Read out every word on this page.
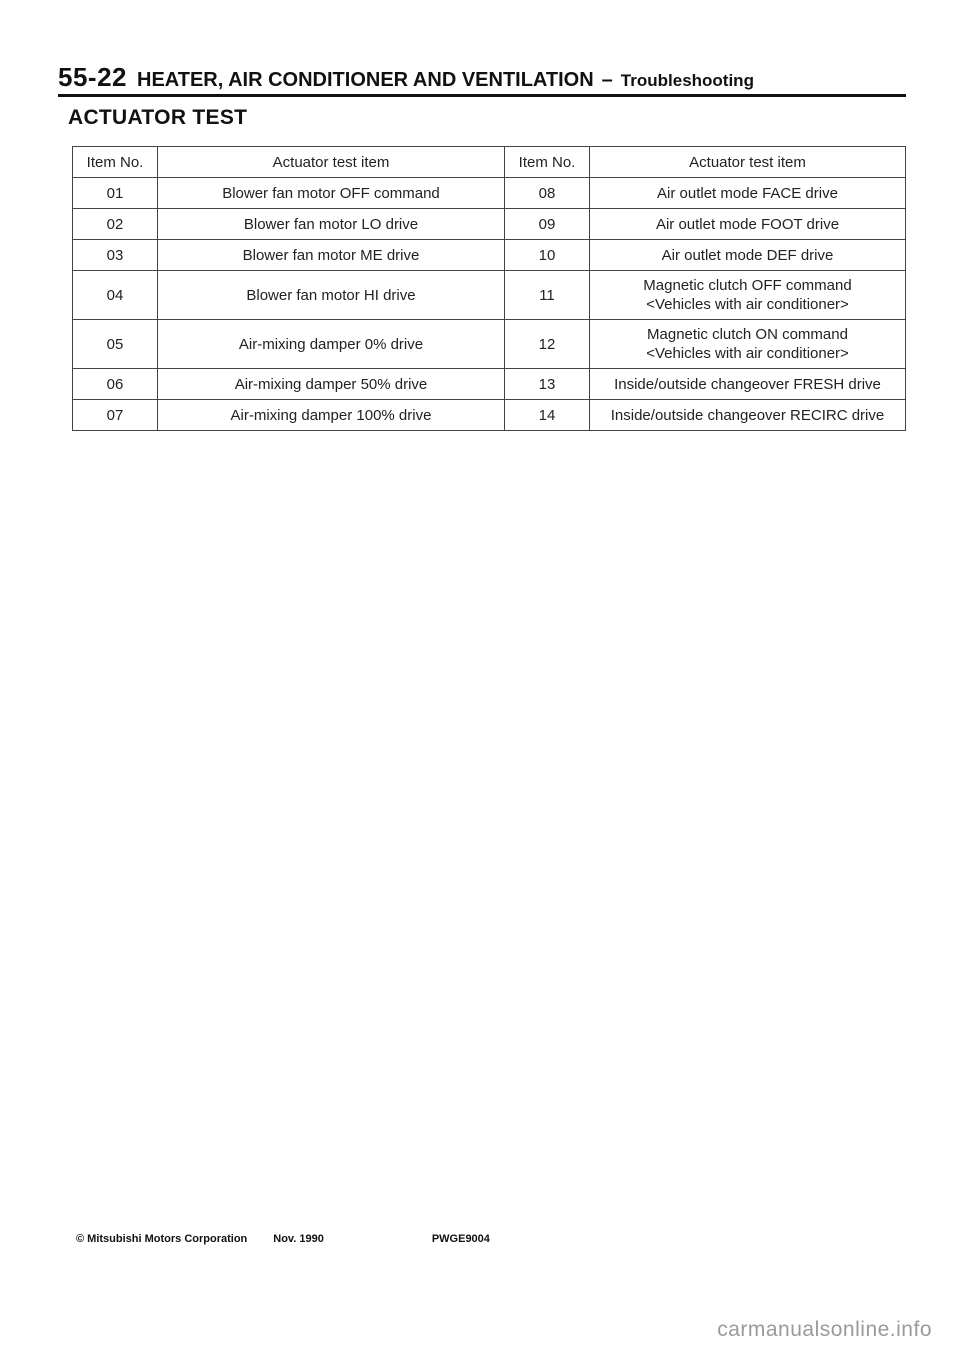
55-22 HEATER, AIR CONDITIONER AND VENTILATION – Troubleshooting
ACTUATOR TEST
Item No.	Actuator test item	Item No.	Actuator test item
01	Blower fan motor OFF command	08	Air outlet mode FACE drive
02	Blower fan motor LO drive	09	Air outlet mode FOOT drive
03	Blower fan motor ME drive	10	Air outlet mode DEF drive
04	Blower fan motor HI drive	11	Magnetic clutch OFF command
<Vehicles with air conditioner>

05	Air-mixing damper 0% drive	12	Magnetic clutch ON command
<Vehicles with air conditioner>

06	Air-mixing damper 50% drive	13	Inside/outside changeover FRESH drive
07	Air-mixing damper 100% drive	14	Inside/outside changeover RECIRC drive
© Mitsubishi Motors Corporation Nov. 1990	PWGE9004
carmanualsonline.info
